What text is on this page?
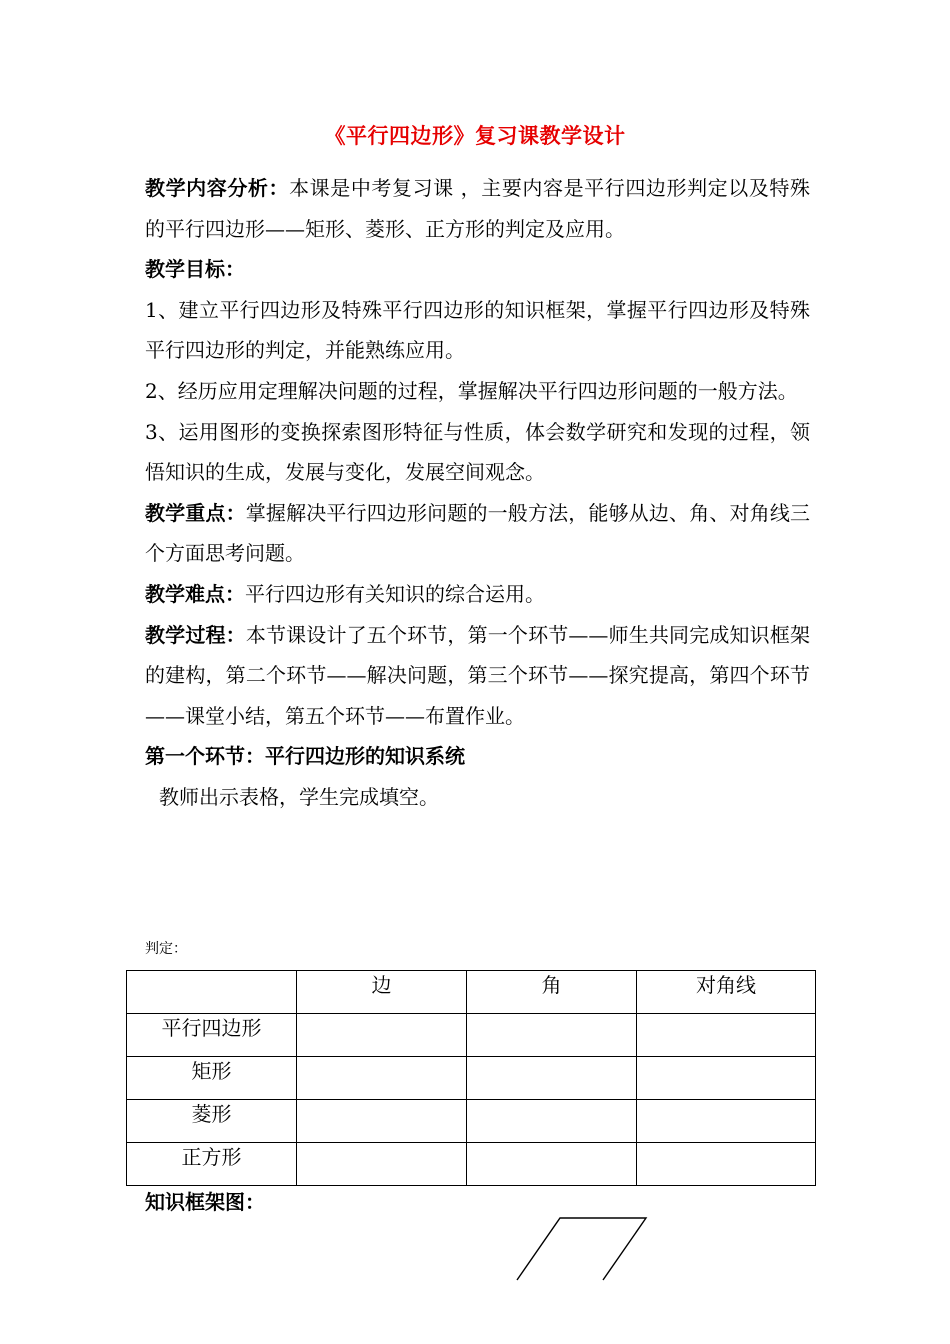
《平行四边形》复习课教学设计

教学内容分析：本课是中考复习课 ，主要内容是平行四边形判定以及特殊的平行四边形——矩形、菱形、正方形的判定及应用。

教学目标：

1、建立平行四边形及特殊平行四边形的知识框架，掌握平行四边形及特殊平行四边形的判定，并能熟练应用。

2、经历应用定理解决问题的过程，掌握解决平行四边形问题的一般方法。

3、运用图形的变换探索图形特征与性质，体会数学研究和发现的过程，领悟知识的生成，发展与变化，发展空间观念。

教学重点：掌握解决平行四边形问题的一般方法，能够从边、角、对角线三个方面思考问题。

教学难点：平行四边形有关知识的综合运用。

教学过程：本节课设计了五个环节，第一个环节——师生共同完成知识框架的建构，第二个环节——解决问题，第三个环节——探究提高，第四个环节——课堂小结，第五个环节——布置作业。

第一个环节：平行四边形的知识系统

教师出示表格，学生完成填空。

判定：
	边	角	对角线
平行四边形			
矩形			
菱形			
正方形			
知识框架图：
